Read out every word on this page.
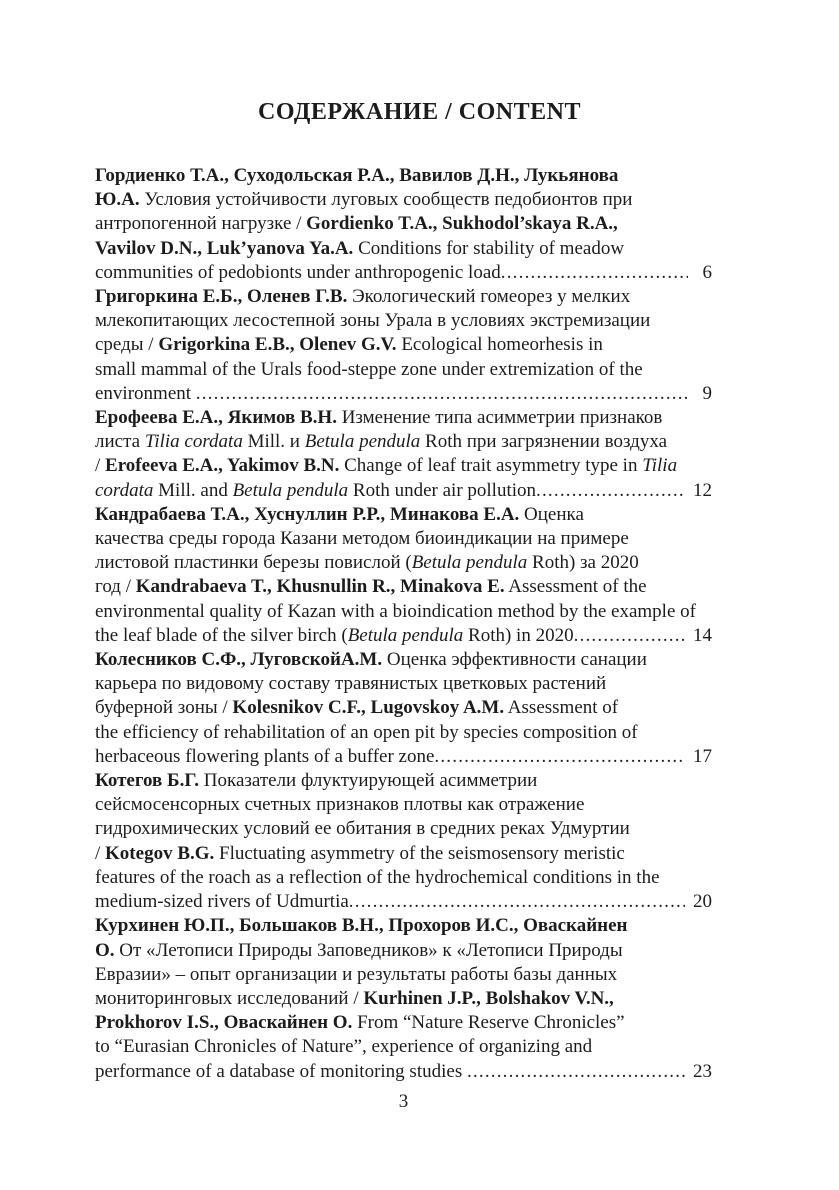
СОДЕРЖАНИЕ / CONTENT
Гордиенко Т.А., Суходольская Р.А., Вавилов Д.Н., Лукьянова
Ю.А. Условия устойчивости луговых сообществ педобионтов при
антропогенной нагрузке / Gordienko T.A., Sukhodol’skaya R.A.,
Vavilov D.N., Luk’yanova Ya.A. Conditions for stability of meadow
communities of pedobionts under anthropogenic load .....	6
Григоркина Е.Б., Оленев Г.В. Экологический гомеорез у мелких
млекопитающих лесостепной зоны Урала в условиях экстремизации
среды / Grigorkina E.B., Olenev G.V. Ecological homeorhesis in
small mammal of the Urals food-steppe zone under extremization of the
environment .....	9
Ерофеева Е.А., Якимов В.Н. Изменение типа асимметрии признаков
листа Tilia cordata Mill. и Betula pendula Roth при загрязнении воздуха
/ Erofeeva E.A., Yakimov B.N. Change of leaf trait asymmetry type in Tilia
cordata Mill. and Betula pendula Roth under air pollution .....	12
Кандрабаева Т.А., Хуснуллин Р.Р., Минакова Е.А. Оценка
качества среды города Казани методом биоиндикации на примере
листовой пластинки березы повислой ( Betula pendula Roth) за 2020
год / Kandrabaeva T., Khusnullin R., Minakova E. Assessment of the
environmental quality of Kazan with a bioindication method by the example of
the leaf blade of the silver birch ( Betula pendula Roth) in 2020 .....	14
Колесников С.Ф., ЛуговскойА.М. Оценка эффективности санации
карьера по видовому составу травянистых цветковых растений
буферной зоны / Kolesnikov C.F., Lugovskoy A.M. Assessment of
the efficiency of rehabilitation of an open pit by species composition of
herbaceous flowering plants of a buffer zone .....	17
Котегов Б.Г. Показатели флуктуирующей асимметрии
сейсмосенсорных счетных признаков плотвы как отражение
гидрохимических условий ее обитания в средних реках Удмуртии
/ Kotegov B.G. Fluctuating asymmetry of the seismosensory meristic
features of the roach as a reflection of the hydrochemical conditions in the
medium-sized rivers of Udmurtia .....	20
Курхинен Ю.П., Большаков В.Н., Прохоров И.С., Оваскайнен
О. От «Летописи Природы Заповедников» к «Летописи Природы
Евразии» – опыт организации и результаты работы базы данных
мониторинговых исследований / Kurhinen J.P., Bolshakov V.N.,
Prokhorov I.S., Оваскайнен O. From “Nature Reserve Chronicles”
to “Eurasian Chronicles of Nature”, experience of organizing and
performance of a database of monitoring studies .....	23
3
